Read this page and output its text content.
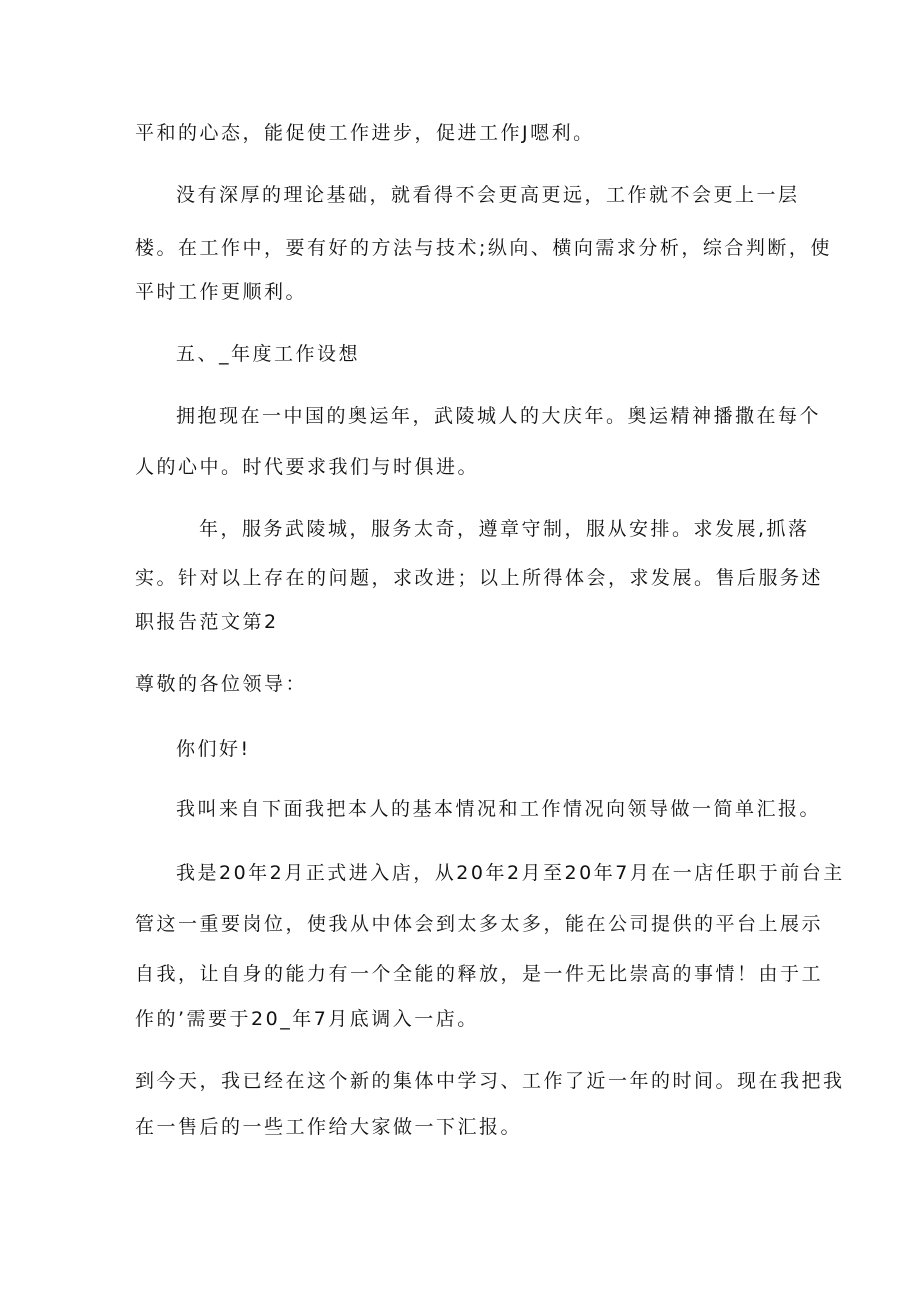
平和的心态，能促使工作进步，促进工作J嗯利。
没有深厚的理论基础，就看得不会更高更远，工作就不会更上一层
楼。在工作中，要有好的方法与技术;纵向、横向需求分析，综合判断，使
平时工作更顺利。
五、_年度工作设想
拥抱现在一中国的奥运年，武陵城人的大庆年。奥运精神播撒在每个
人的心中。时代要求我们与时俱进。
年，服务武陵城，服务太奇，遵章守制，服从安排。求发展,抓落
实。针对以上存在的问题，求改进；以上所得体会，求发展。售后服务述
职报告范文第2
尊敬的各位领导：
你们好!
我叫来自下面我把本人的基本情况和工作情况向领导做一简单汇报。
我是20年2月正式进入店，从20年2月至20年7月在一店任职于前台主
管这一重要岗位，使我从中体会到太多太多，能在公司提供的平台上展示
自我，让自身的能力有一个全能的释放，是一件无比崇高的事情！由于工
作的’需要于20_年7月底调入一店。
到今天，我已经在这个新的集体中学习、工作了近一年的时间。现在我把我
在一售后的一些工作给大家做一下汇报。
